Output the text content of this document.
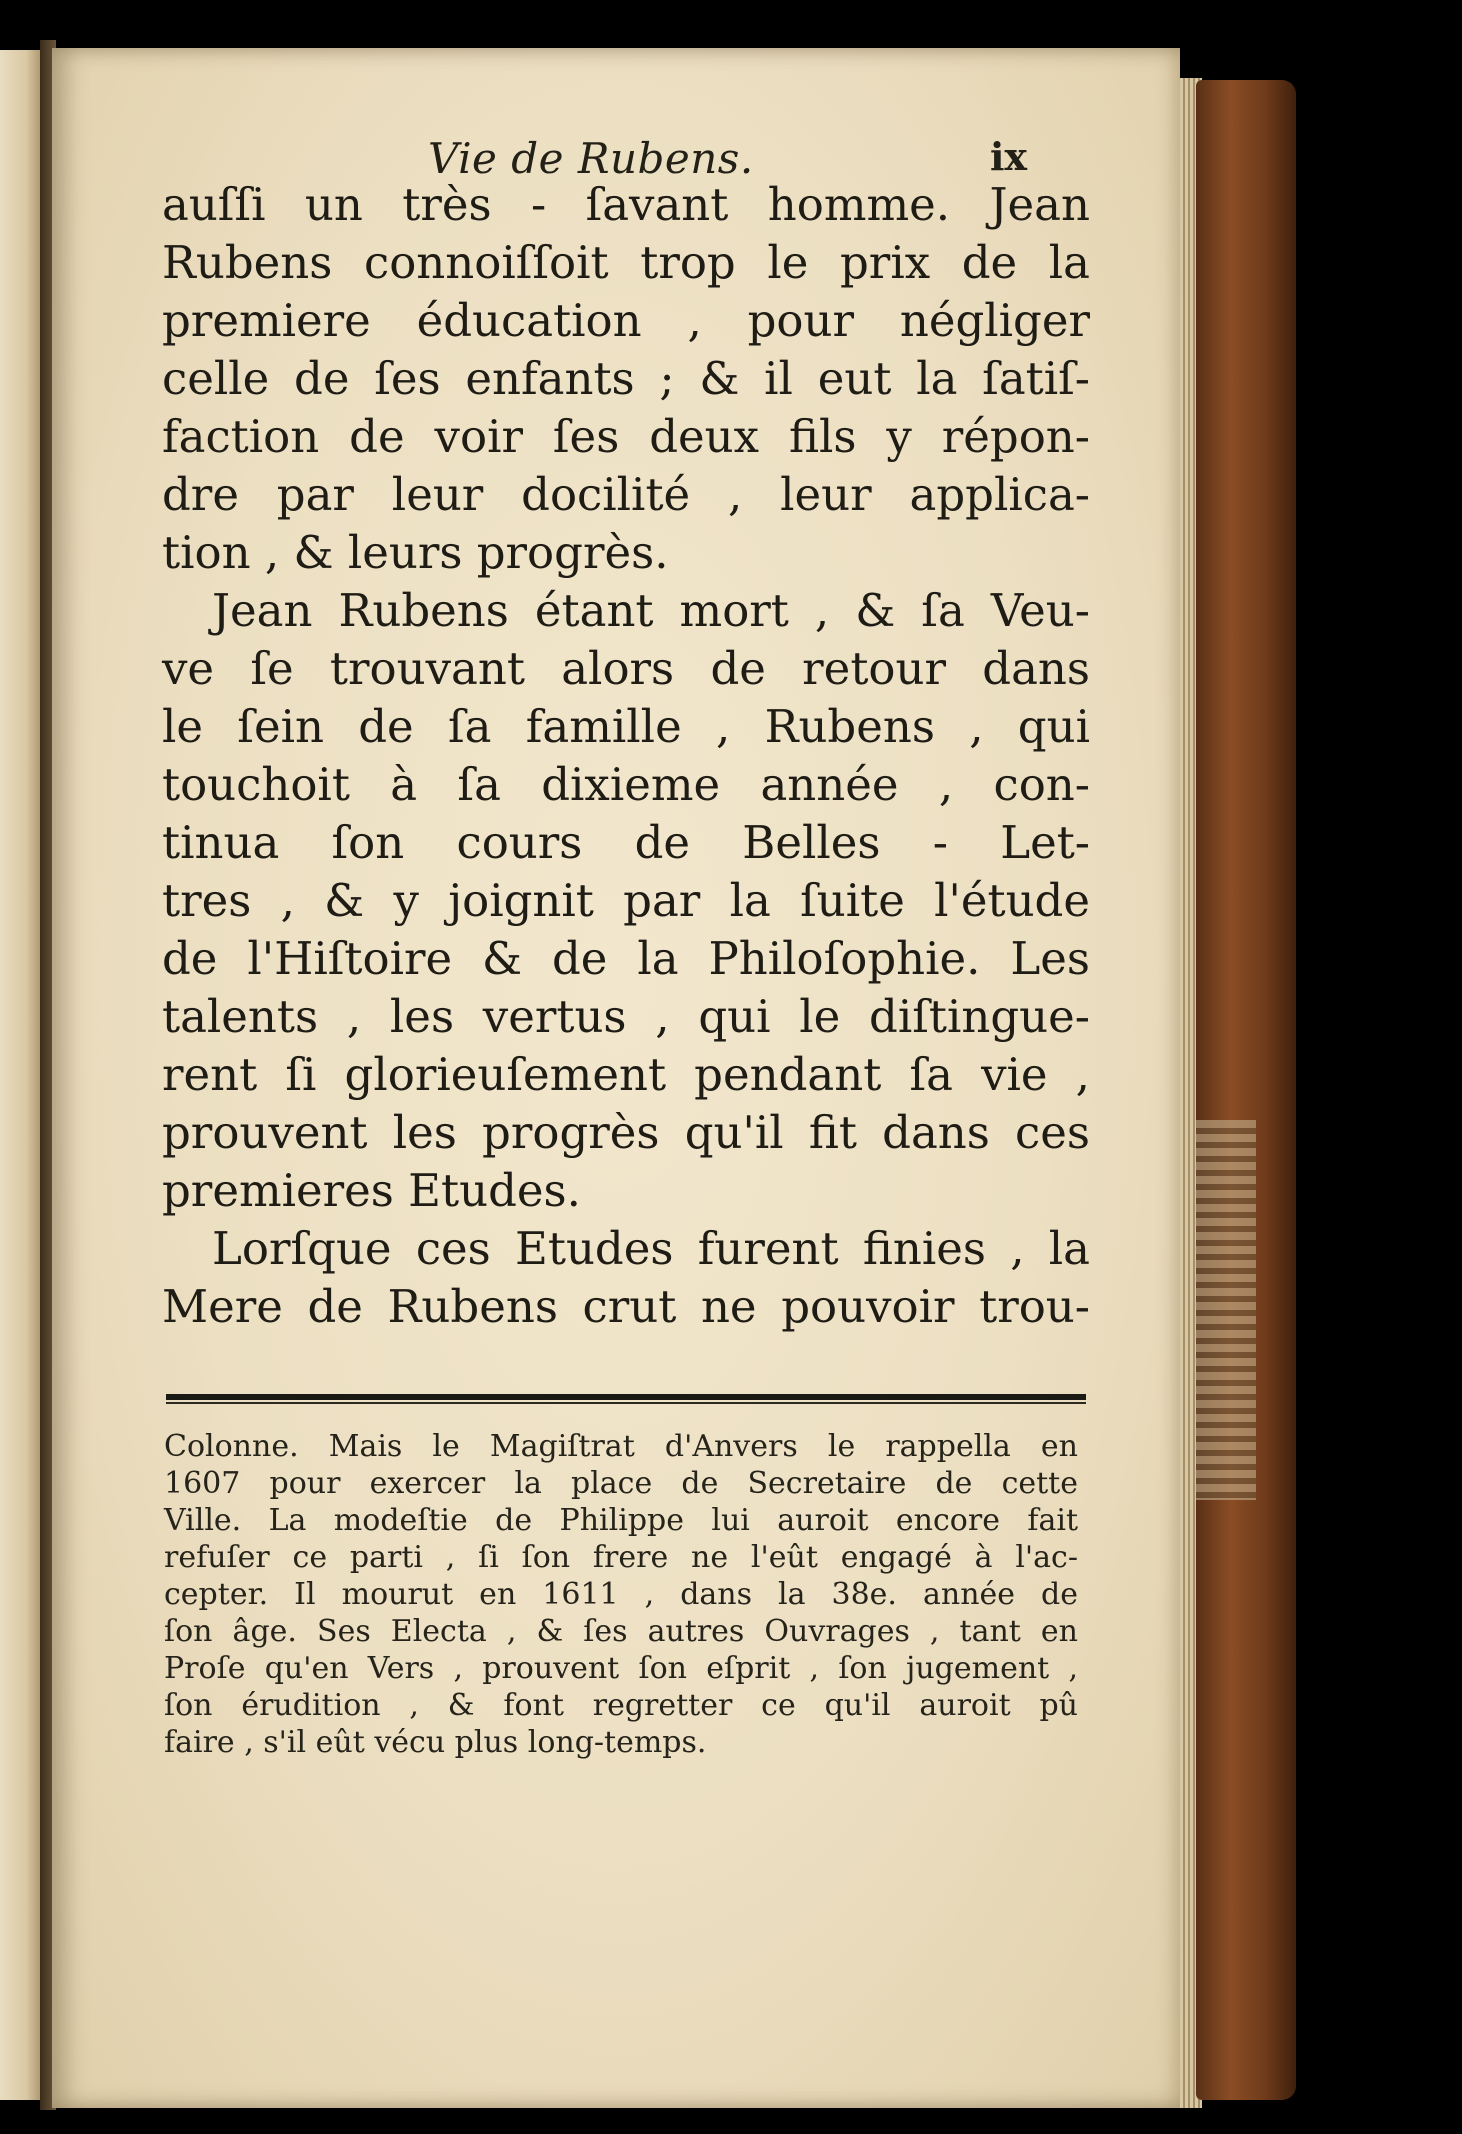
Vie de Rubens.	ix
auſſi un très - ſavant homme. Jean
Rubens connoiſſoit trop le prix de la
premiere éducation , pour négliger
celle de ſes enfants ; & il eut la ſatiſ-
faction de voir ſes deux fils y répon-
dre par leur docilité , leur applica-
tion , & leurs progrès.
Jean Rubens étant mort , & ſa Veu-
ve ſe trouvant alors de retour dans
le ſein de ſa famille , Rubens , qui
touchoit à ſa dixieme année , con-
tinua ſon cours de Belles - Let-
tres , & y joignit par la ſuite l'étude
de l'Hiſtoire & de la Philoſophie. Les
talents , les vertus , qui le diſtingue-
rent ſi glorieuſement pendant ſa vie ,
prouvent les progrès qu'il fit dans ces
premieres Etudes.
Lorſque ces Etudes furent finies , la
Mere de Rubens crut ne pouvoir trou-
Colonne. Mais le Magiſtrat d'Anvers le rappella en
1607 pour exercer la place de Secretaire de cette
Ville. La modeſtie de Philippe lui auroit encore fait
refuſer ce parti , ſi ſon frere ne l'eût engagé à l'ac-
cepter. Il mourut en 1611 , dans la 38e. année de
ſon âge. Ses Electa , & ſes autres Ouvrages , tant en
Proſe qu'en Vers , prouvent ſon eſprit , ſon jugement ,
ſon érudition , & font regretter ce qu'il auroit pû
faire , s'il eût vécu plus long-temps.
